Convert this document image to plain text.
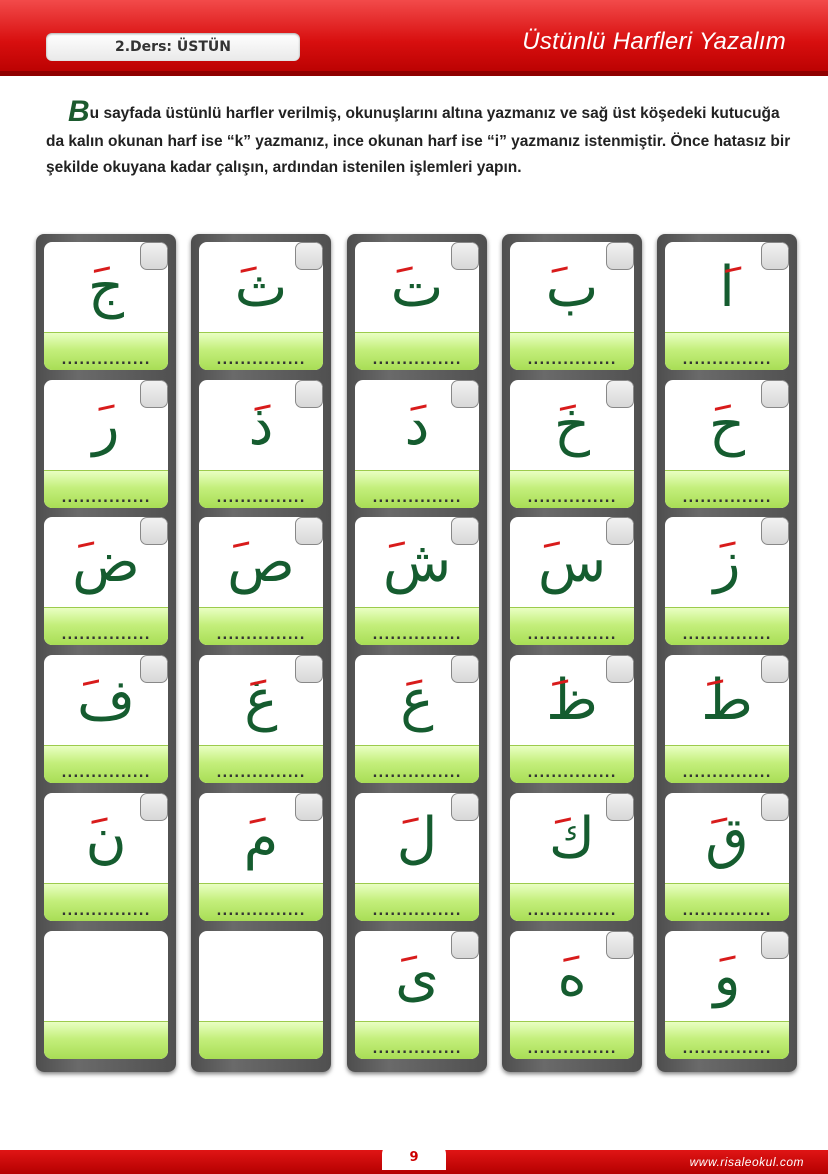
2.Ders: ÜSTÜN	Üstünlü Harfleri Yazalım
Bu sayfada üstünlü harfler verilmiş, okunuşlarını altına yazmanız ve sağ üst köşedeki kutucuğa da kalın okunan harf ise “k” yazmanız, ince okunan harf ise “i” yazmanız istenmiştir. Önce hatasız bir şekilde okuyana kadar çalışın, ardından istenilen işlemleri yapın.
ج
...............
ر
...............
ض
...............
ف
...............
ن
...............
ث
...............
ذ
...............
ص
...............
غ
...............
م
...............
ت
...............
د
...............
ش
...............
ع
...............
ل
...............
ى
...............
ب
...............
خ
...............
س
...............
ظ
...............
ك
...............
ه
...............
ا
...............
ح
...............
ز
...............
ط
...............
ق
...............
و
...............
9	www.risaleokul.com
